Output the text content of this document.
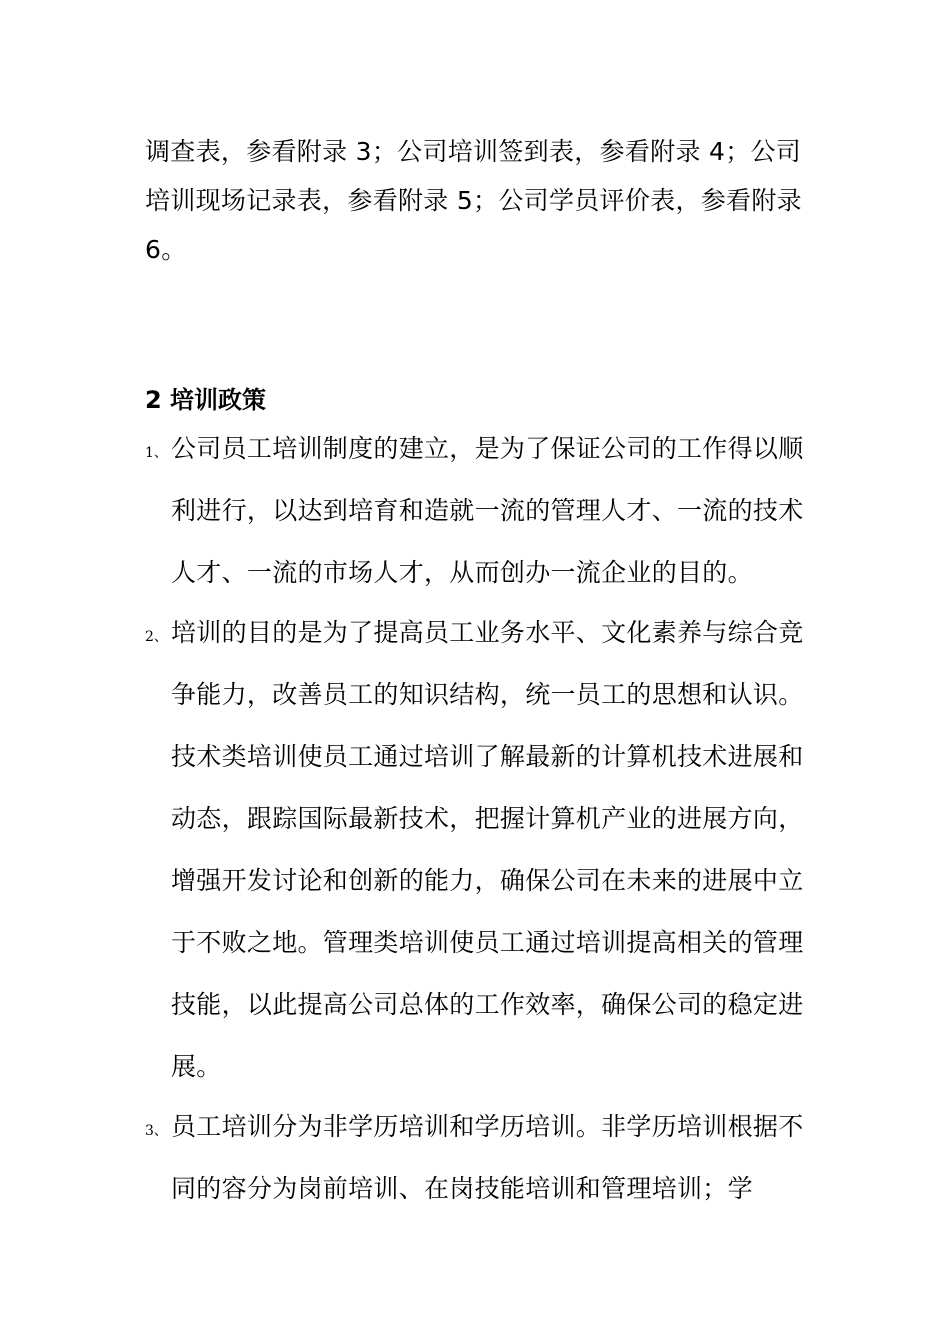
调查表，参看附录 3；公司培训签到表，参看附录 4；公司培训现场记录表，参看附录 5；公司学员评价表，参看附录 6。

2 培训政策
1、 公司员工培训制度的建立，是为了保证公司的工作得以顺利进行，以达到培育和造就一流的管理人才、一流的技术人才、一流的市场人才，从而创办一流企业的目的。

2、 培训的目的是为了提高员工业务水平、文化素养与综合竞争能力，改善员工的知识结构，统一员工的思想和认识。技术类培训使员工通过培训了解最新的计算机技术进展和动态，跟踪国际最新技术，把握计算机产业的进展方向，增强开发讨论和创新的能力，确保公司在未来的进展中立于不败之地。管理类培训使员工通过培训提高相关的管理技能，以此提高公司总体的工作效率，确保公司的稳定进展。

3、 员工培训分为非学历培训和学历培训。非学历培训根据不同的容分为岗前培训、在岗技能培训和管理培训；学
